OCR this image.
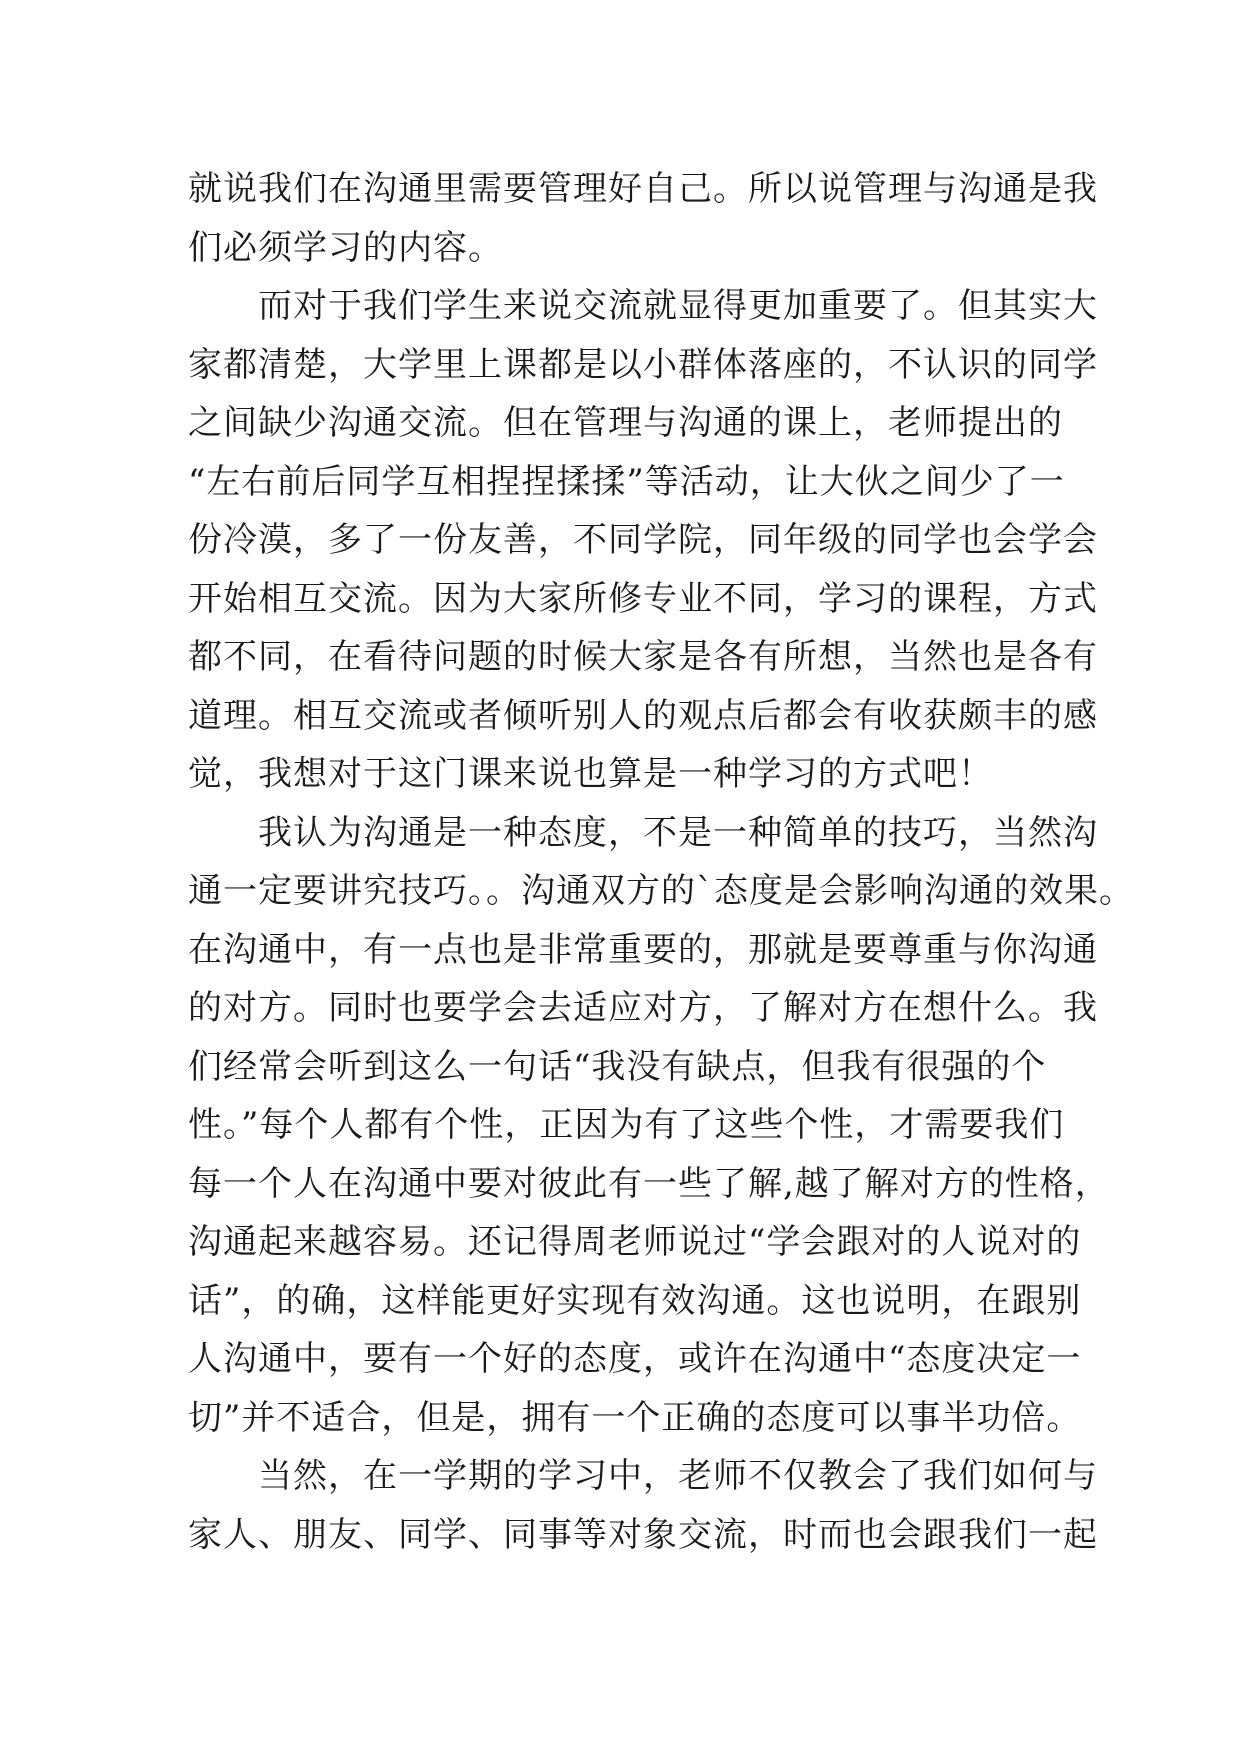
就说我们在沟通里需要管理好自己。所以说管理与沟通是我
们必须学习的内容。
而对于我们学生来说交流就显得更加重要了。但其实大
家都清楚，大学里上课都是以小群体落座的，不认识的同学
之间缺少沟通交流。但在管理与沟通的课上，老师提出的
“左右前后同学互相捏捏揉揉”等活动，让大伙之间少了一
份冷漠，多了一份友善，不同学院，同年级的同学也会学会
开始相互交流。因为大家所修专业不同，学习的课程，方式
都不同，在看待问题的时候大家是各有所想，当然也是各有
道理。相互交流或者倾听别人的观点后都会有收获颇丰的感
觉，我想对于这门课来说也算是一种学习的方式吧！
我认为沟通是一种态度，不是一种简单的技巧，当然沟
通一定要讲究技巧。。沟通双方的`态度是会影响沟通的效果。
在沟通中，有一点也是非常重要的，那就是要尊重与你沟通
的对方。同时也要学会去适应对方，了解对方在想什么。我
们经常会听到这么一句话“我没有缺点，但我有很强的个
性。”每个人都有个性，正因为有了这些个性，才需要我们
每一个人在沟通中要对彼此有一些了解,越了解对方的性格，
沟通起来越容易。还记得周老师说过“学会跟对的人说对的
话”，的确，这样能更好实现有效沟通。这也说明，在跟别
人沟通中，要有一个好的态度，或许在沟通中“态度决定一
切”并不适合，但是，拥有一个正确的态度可以事半功倍。
当然，在一学期的学习中，老师不仅教会了我们如何与
家人、朋友、同学、同事等对象交流，时而也会跟我们一起
